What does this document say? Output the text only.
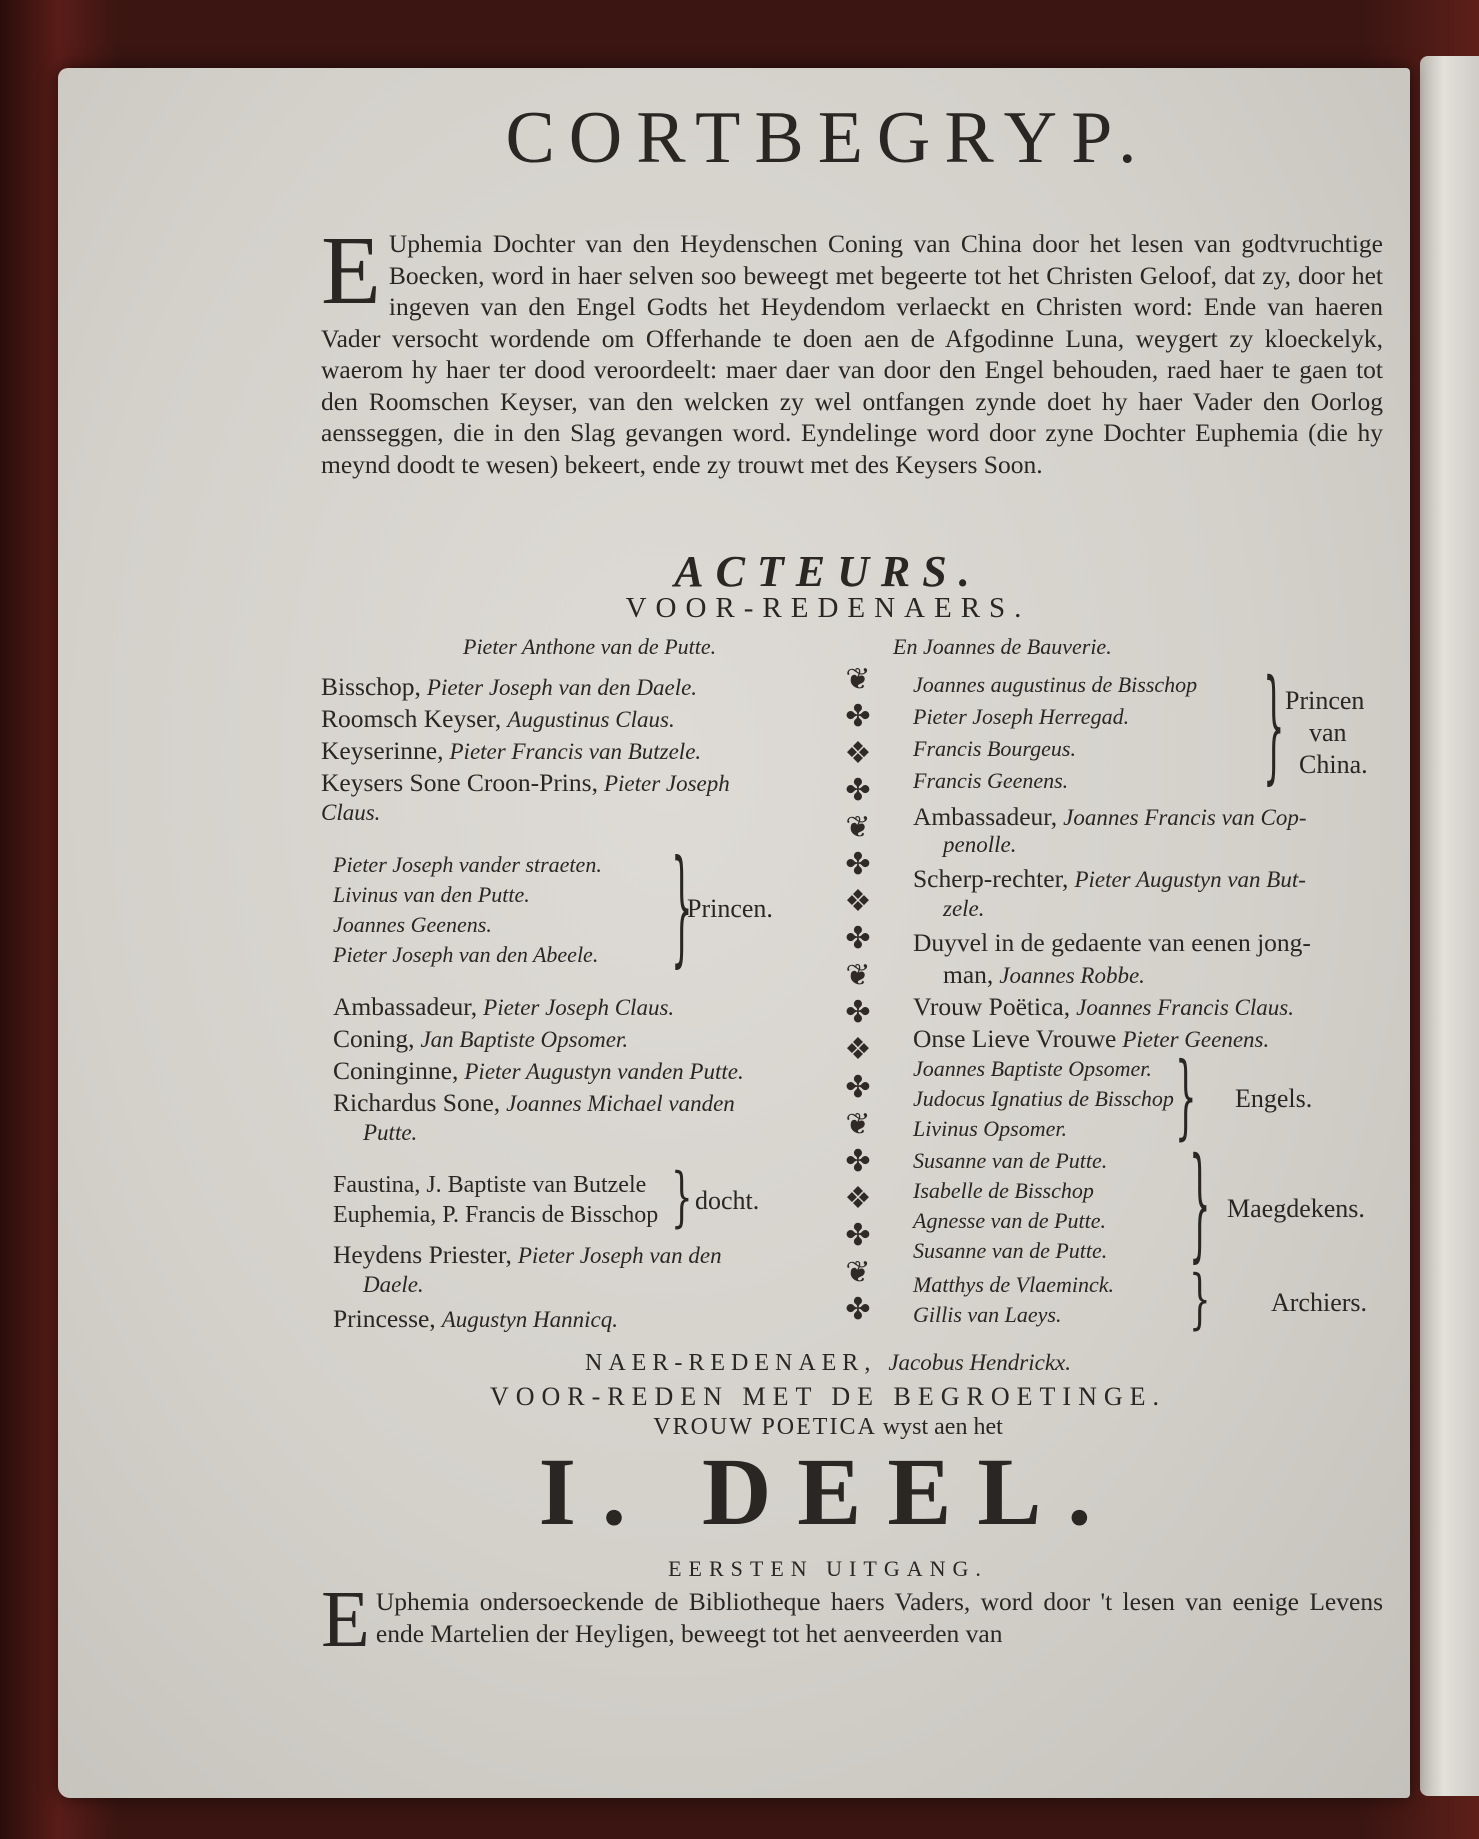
CORTBEGRYP.
E Uphemia Dochter van den Heydenschen Coning van China door het lesen van godtvruchtige Boecken, word in haer selven soo beweegt met begeerte tot het Christen Geloof, dat zy, door het ingeven van den Engel Godts het Heydendom verlaeckt en Christen word: Ende van haeren Vader versocht wordende om Offerhande te doen aen de Afgodinne Luna, weygert zy kloeckelyk, waerom hy haer ter dood veroordeelt: maer daer van door den Engel behouden, raed haer te gaen tot den Roomschen Keyser, van den welcken zy wel ontfangen zynde doet hy haer Vader den Oorlog aensseggen, die in den Slag gevangen word. Eyndelinge word door zyne Dochter Euphemia (die hy meynd doodt te wesen) bekeert, ende zy trouwt met des Keysers Soon.
ACTEURS.
VOOR-REDENAERS.
Pieter Anthone van de Putte.	En Joannes de Bauverie.
Bisschop, Pieter Joseph van den Daele.
Roomsch Keyser, Augustinus Claus.
Keyserinne, Pieter Francis van Butzele.
Keysers Sone Croon-Prins, Pieter Joseph
Claus.
Pieter Joseph vander straeten.
Livinus van den Putte.
Joannes Geenens.
Pieter Joseph van den Abeele. }
Princen.
Ambassadeur, Pieter Joseph Claus.
Coning, Jan Baptiste Opsomer.
Coninginne, Pieter Augustyn vanden Putte.
Richardus Sone, Joannes Michael vanden
Putte.
Faustina, J. Baptiste van Butzele
Euphemia, P. Francis de Bisschop } docht.
Heydens Priester, Pieter Joseph van den
Daele.
Princesse, Augustyn Hannicq.
❦
✤
❖
✤
❦
✤
❖
✤
❦
✤
❖
✤
❦
✤
❖
✤
❦
✤
Joannes augustinus de Bisschop
Pieter Joseph Herregad.
Francis Bourgeus.
Francis Geenens.	} Princen
van
China.
Ambassadeur, Joannes Francis van Cop-
penolle.
Scherp-rechter, Pieter Augustyn van But-
zele.
Duyvel in de gedaente van eenen jong-
man, Joannes Robbe.
Vrouw Poëtica, Joannes Francis Claus.
Onse Lieve Vrouwe Pieter Geenens.
Joannes Baptiste Opsomer.
Judocus Ignatius de Bisschop
Livinus Opsomer.	} Engels.
Susanne van de Putte.
Isabelle de Bisschop
Agnesse van de Putte.
Susanne van de Putte. } Maegdekens.
Matthys de Vlaeminck.
Gillis van Laeys.	} Archiers.
NAER-REDENAER, Jacobus Hendrickx.
VOOR-REDEN MET DE BEGROETINGE.
VROUW POETICA wyst aen het
I. DEEL.
EERSTEN UITGANG.
E Uphemia ondersoeckende de Bibliotheque haers Vaders, word door 't lesen van eenige Levens ende Martelien der Heyligen, beweegt tot het aenveerden van
